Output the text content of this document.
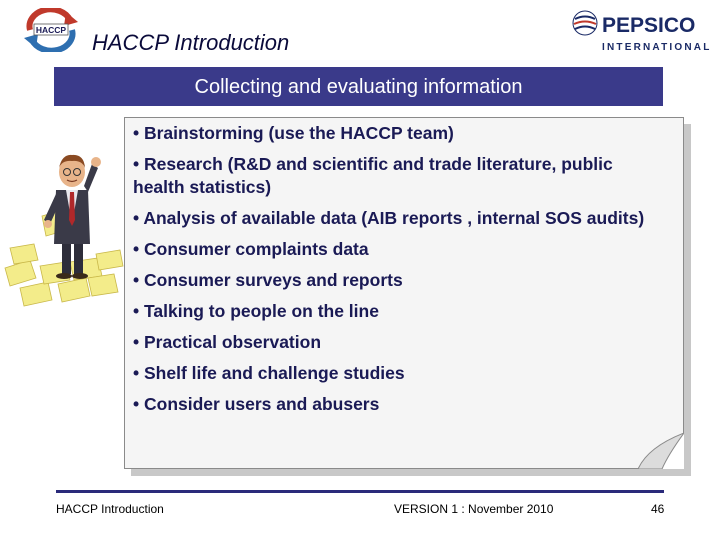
HACCP HACCP Introduction
PEPSICO
INTERNATIONAL
Collecting and evaluating information
• Brainstorming (use the HACCP team)
• Research (R&D and scientific and trade literature, public health statistics)
• Analysis of available data (AIB reports , internal SOS audits)
• Consumer complaints data
• Consumer surveys and reports
• Talking to people on the line
• Practical observation
• Shelf life and challenge studies
• Consider users and abusers
HACCP Introduction	VERSION 1 : November 2010	46
